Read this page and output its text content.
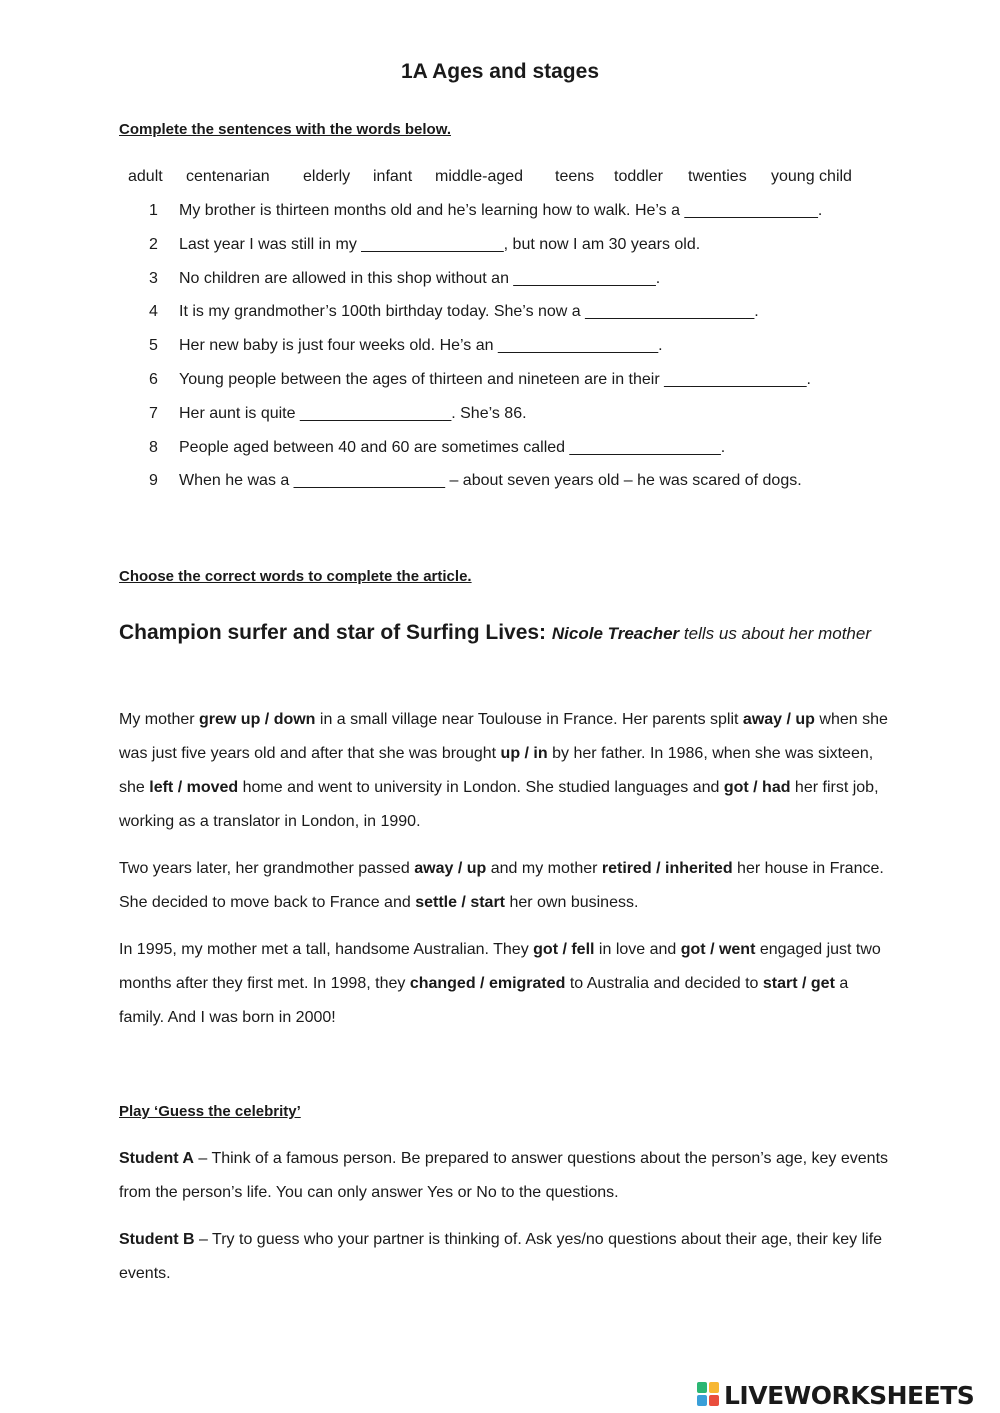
1A Ages and stages
Complete the sentences with the words below.
adult centenarian elderly infant middle-aged teens toddler twenties young child
1 My brother is thirteen months old and he’s learning how to walk. He’s a _______________.
2 Last year I was still in my ________________, but now I am 30 years old.
3 No children are allowed in this shop without an ________________.
4 It is my grandmother’s 100th birthday today. She’s now a ___________________.
5 Her new baby is just four weeks old. He’s an __________________.
6 Young people between the ages of thirteen and nineteen are in their ________________.
7 Her aunt is quite _________________. She’s 86.
8 People aged between 40 and 60 are sometimes called _________________.
9 When he was a _________________ – about seven years old – he was scared of dogs.
Choose the correct words to complete the article.
Champion surfer and star of Surfing Lives: Nicole Treacher tells us about her mother

My mother grew up / down in a small village near Toulouse in France. Her parents split away / up when she was just five years old and after that she was brought up / in by her father. In 1986, when she was sixteen, she left / moved home and went to university in London. She studied languages and got / had her first job, working as a translator in London, in 1990.

Two years later, her grandmother passed away / up and my mother retired / inherited her house in France. She decided to move back to France and settle / start her own business.

In 1995, my mother met a tall, handsome Australian. They got / fell in love and got / went engaged just two months after they first met. In 1998, they changed / emigrated to Australia and decided to start / get a family. And I was born in 2000!

Play ‘Guess the celebrity’

Student A – Think of a famous person. Be prepared to answer questions about the person’s age, key events from the person’s life. You can only answer Yes or No to the questions.

Student B – Try to guess who your partner is thinking of. Ask yes/no questions about their age, their key life events.

LIVEWORKSHEETS
